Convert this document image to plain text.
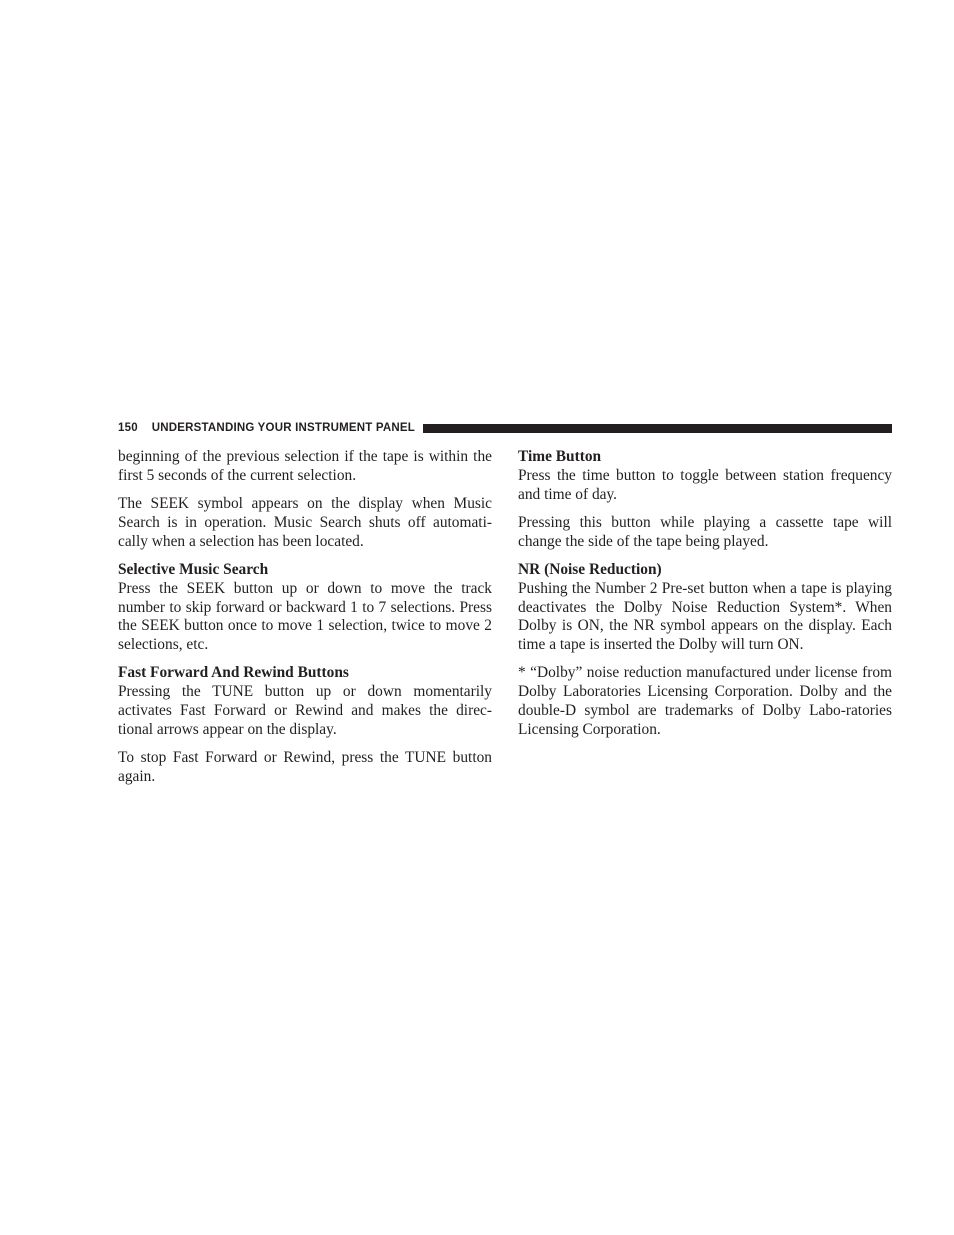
150 UNDERSTANDING YOUR INSTRUMENT PANEL

beginning of the previous selection if the tape is within the first 5 seconds of the current selection.

The SEEK symbol appears on the display when Music Search is in operation. Music Search shuts off automati-cally when a selection has been located.

Selective Music Search

Press the SEEK button up or down to move the track number to skip forward or backward 1 to 7 selections. Press the SEEK button once to move 1 selection, twice to move 2 selections, etc.

Fast Forward And Rewind Buttons

Pressing the TUNE button up or down momentarily activates Fast Forward or Rewind and makes the direc-tional arrows appear on the display.

To stop Fast Forward or Rewind, press the TUNE button again.

Time Button

Press the time button to toggle between station frequency and time of day.

Pressing this button while playing a cassette tape will change the side of the tape being played.

NR (Noise Reduction)

Pushing the Number 2 Pre-set button when a tape is playing deactivates the Dolby Noise Reduction System*. When Dolby is ON, the NR symbol appears on the display. Each time a tape is inserted the Dolby will turn ON.

* “Dolby” noise reduction manufactured under license from Dolby Laboratories Licensing Corporation. Dolby and the double-D symbol are trademarks of Dolby Labo-ratories Licensing Corporation.
